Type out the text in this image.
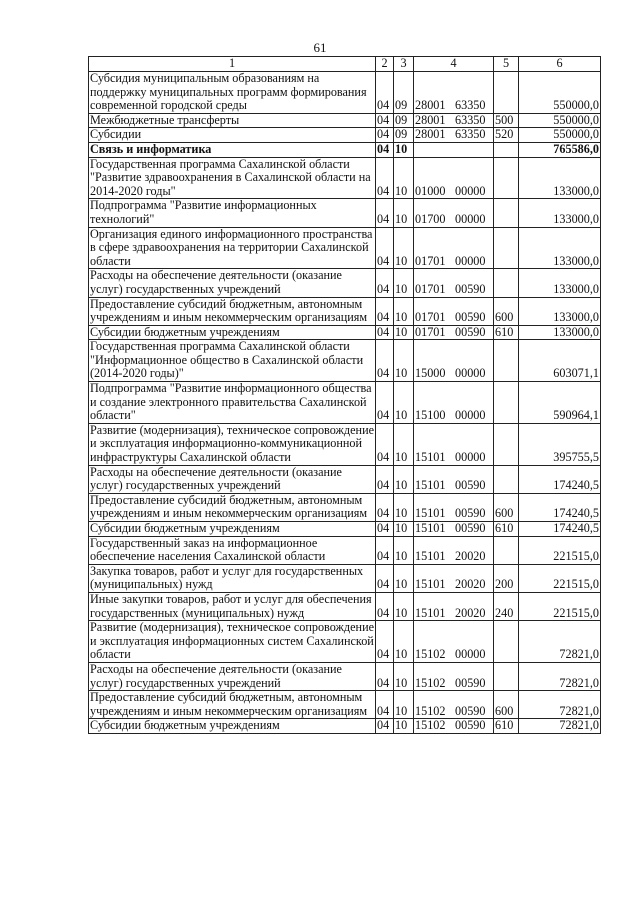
61
1	2	3	4	5	6
Субсидия муниципальным образованиям на поддержку муниципальных программ формирования современной городской среды	04	09	28001 63350		550000,0
Межбюджетные трансферты	04	09	28001 63350	500	550000,0
Субсидии	04	09	28001 63350	520	550000,0
Связь и информатика	04	10			765586,0
Государственная программа Сахалинской области "Развитие здравоохранения в Сахалинской области на 2014-2020 годы"	04	10	01000 00000		133000,0
Подпрограмма "Развитие информационных технологий"	04	10	01700 00000		133000,0
Организация единого информационного пространства в сфере здравоохранения на территории Сахалинской области	04	10	01701 00000		133000,0
Расходы на обеспечение деятельности (оказание услуг) государственных учреждений	04	10	01701 00590		133000,0
Предоставление субсидий бюджетным, автономным учреждениям и иным некоммерческим организациям	04	10	01701 00590	600	133000,0
Субсидии бюджетным учреждениям	04	10	01701 00590	610	133000,0
Государственная программа Сахалинской области "Информационное общество в Сахалинской области (2014-2020 годы)"	04	10	15000 00000		603071,1
Подпрограмма "Развитие информационного общества и создание электронного правительства Сахалинской области"	04	10	15100 00000		590964,1
Развитие (модернизация), техническое сопровождение и эксплуатация информационно-коммуникационной инфраструктуры Сахалинской области	04	10	15101 00000		395755,5
Расходы на обеспечение деятельности (оказание услуг) государственных учреждений	04	10	15101 00590		174240,5
Предоставление субсидий бюджетным, автономным учреждениям и иным некоммерческим организациям	04	10	15101 00590	600	174240,5
Субсидии бюджетным учреждениям	04	10	15101 00590	610	174240,5
Государственный заказ на информационное обеспечение населения Сахалинской области	04	10	15101 20020		221515,0
Закупка товаров, работ и услуг для государственных (муниципальных) нужд	04	10	15101 20020	200	221515,0
Иные закупки товаров, работ и услуг для обеспечения государственных (муниципальных) нужд	04	10	15101 20020	240	221515,0
Развитие (модернизация), техническое сопровождение и эксплуатация информационных систем Сахалинской области	04	10	15102 00000		72821,0
Расходы на обеспечение деятельности (оказание услуг) государственных учреждений	04	10	15102 00590		72821,0
Предоставление субсидий бюджетным, автономным учреждениям и иным некоммерческим организациям	04	10	15102 00590	600	72821,0
Субсидии бюджетным учреждениям	04	10	15102 00590	610	72821,0
